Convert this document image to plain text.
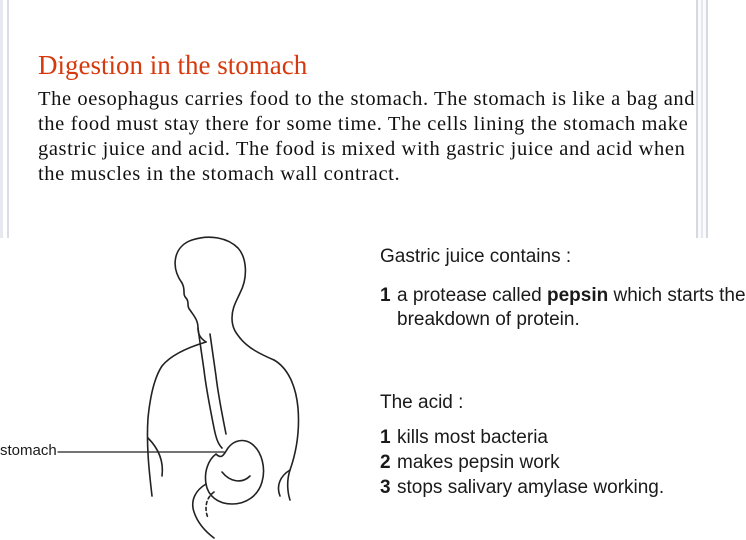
Digestion in the stomach

The oesophagus carries food to the stomach. The stomach is like a bag and the food must stay there for some time. The cells lining the stomach make gastric juice and acid. The food is mixed with gastric juice and acid when the muscles in the stomach wall contract.

stomach
Gastric juice contains :
1 a protease called pepsin which starts the
breakdown of protein.
The acid :
1 kills most bacteria
2 makes pepsin work
3 stops salivary amylase working.
